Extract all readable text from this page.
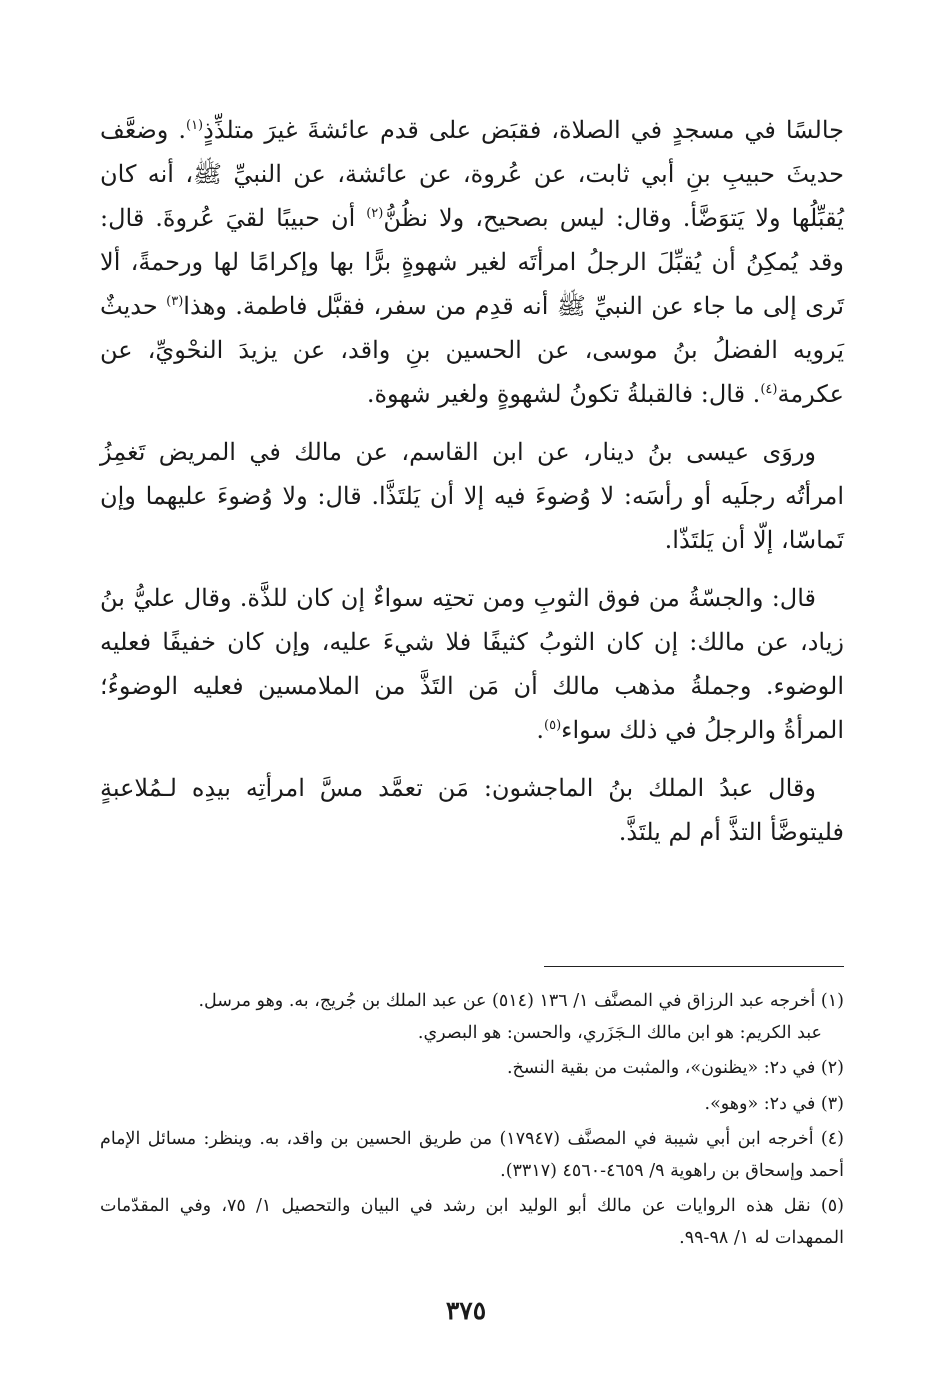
جالسًا في مسجدٍ في الصلاة، فقبَض على قدم عائشةَ غيرَ متلذِّذٍ$^{(١)}$. وضعَّف حديثَ حبيبِ بنِ أبي ثابت، عن عُروة، عن عائشة، عن النبيِّ ﷺ، أنه كان يُقبِّلُها ولا يَتوَضَّأ. وقال: ليس بصحيح، ولا نظُنُّ$^{(٢)}$ أن حبيبًا لقيَ عُروةَ. قال: وقد يُمكِنُ أن يُقبِّلَ الرجلُ امرأتَه لغير شهوةٍ برًّا بها وإكرامًا لها ورحمةً، ألا تَرى إلى ما جاء عن النبيِّ ﷺ أنه قدِم من سفر، فقبَّل فاطمة. وهذا$^{(٣)}$ حديثٌ يَرويه الفضلُ بنُ موسى، عن الحسين بنِ واقد، عن يزيدَ النحْويِّ، عن عكرمة$^{(٤)}$. قال: فالقبلةُ تكونُ لشهوةٍ ولغير شهوة.

وروَى عيسى بنُ دينار، عن ابن القاسم، عن مالك في المريض تَغمِزُ امرأتُه رجلَيه أو رأسَه: لا وُضوءَ فيه إلا أن يَلتَذَّا. قال: ولا وُضوءَ عليهما وإن تَماسّا، إلّا أن يَلتَذّا.

قال: والجسّةُ من فوق الثوبِ ومن تحتِه سواءٌ إن كان للذَّة. وقال عليُّ بنُ زياد، عن مالك: إن كان الثوبُ كثيفًا فلا شيءَ عليه، وإن كان خفيفًا فعليه الوضوء. وجملةُ مذهب مالك أن مَن التَذَّ من الملامسين فعليه الوضوءُ؛ المرأةُ والرجلُ في ذلك سواء$^{(٥)}$.

وقال عبدُ الملك بنُ الماجشون: مَن تعمَّد مسَّ امرأتِه بيدِه لـمُلاعبةٍ فليتوضَّأ التذَّ أم لم يلتَذَّ.

(١) أخرجه عبد الرزاق في المصنَّف ١/ ١٣٦ (٥١٤) عن عبد الملك بن جُريج، به. وهو مرسل.
عبد الكريم: هو ابن مالك الـجَزَري، والحسن: هو البصري.
(٢) في د٢: «يظنون»، والمثبت من بقية النسخ.
(٣) في د٢: «وهو».
(٤) أخرجه ابن أبي شيبة في المصنَّف (١٧٩٤٧) من طريق الحسين بن واقد، به. وينظر: مسائل الإمام أحمد وإسحاق بن راهوية ٩/ ٤٦٥٩-٤٥٦٠ (٣٣١٧).
(٥) نقل هذه الروايات عن مالك أبو الوليد ابن رشد في البيان والتحصيل ١/ ٧٥، وفي المقدّمات الممهدات له ١/ ٩٨-٩٩.
٣٧٥
